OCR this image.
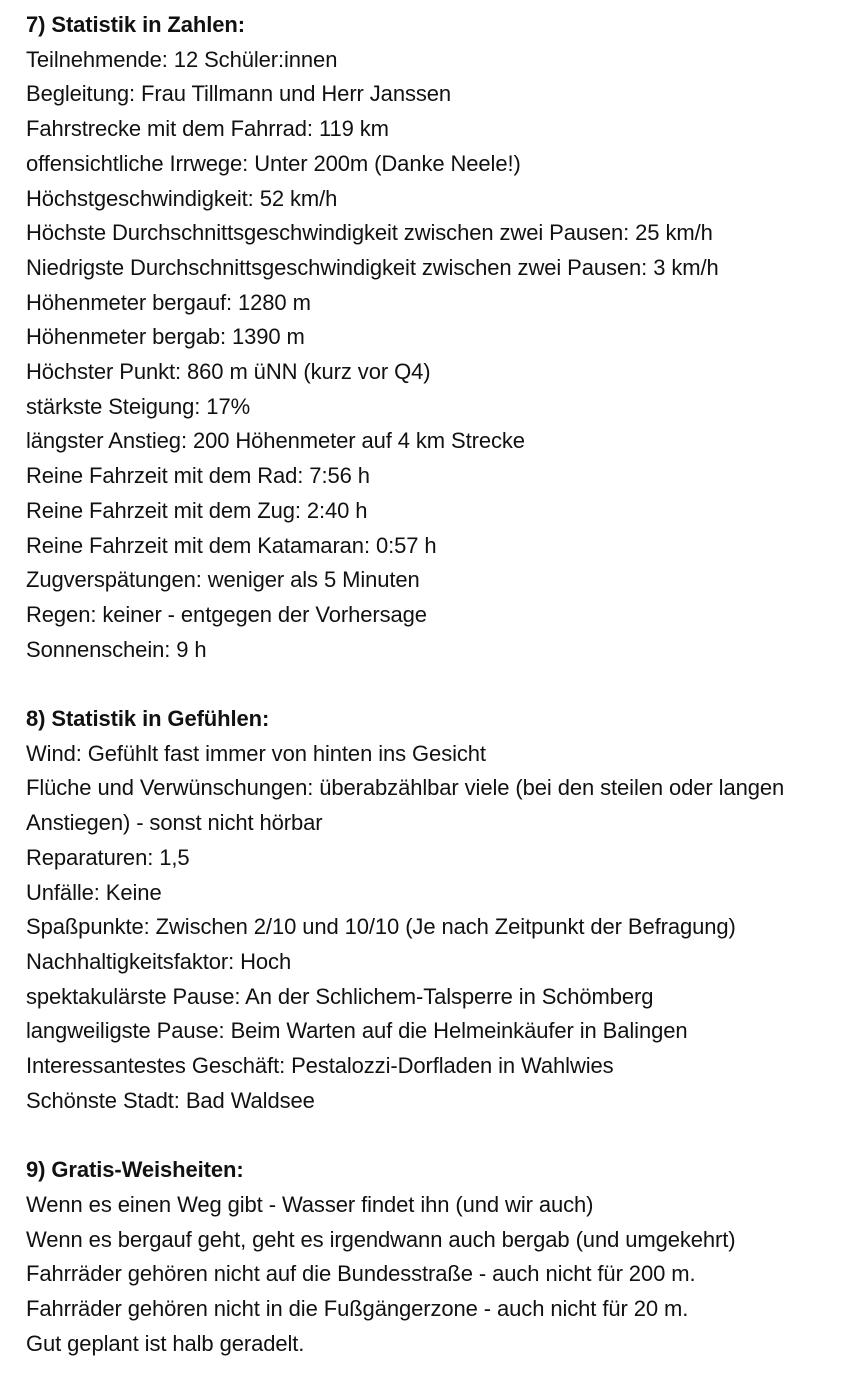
7) Statistik in Zahlen:

Teilnehmende: 12 Schüler:innen

Begleitung: Frau Tillmann und Herr Janssen

Fahrstrecke mit dem Fahrrad: 119 km

offensichtliche Irrwege: Unter 200m (Danke Neele!)

Höchstgeschwindigkeit: 52 km/h

Höchste Durchschnittsgeschwindigkeit zwischen zwei Pausen: 25 km/h

Niedrigste Durchschnittsgeschwindigkeit zwischen zwei Pausen: 3 km/h

Höhenmeter bergauf: 1280 m

Höhenmeter bergab: 1390 m

Höchster Punkt: 860 m üNN (kurz vor Q4)

stärkste Steigung: 17%

längster Anstieg: 200 Höhenmeter auf 4 km Strecke

Reine Fahrzeit mit dem Rad: 7:56 h

Reine Fahrzeit mit dem Zug: 2:40 h

Reine Fahrzeit mit dem Katamaran: 0:57 h

Zugverspätungen: weniger als 5 Minuten

Regen: keiner - entgegen der Vorhersage

Sonnenschein: 9 h

8) Statistik in Gefühlen:

Wind: Gefühlt fast immer von hinten ins Gesicht

Flüche und Verwünschungen: überabzählbar viele (bei den steilen oder langen Anstiegen) - sonst nicht hörbar

Reparaturen: 1,5

Unfälle: Keine

Spaßpunkte: Zwischen 2/10 und 10/10 (Je nach Zeitpunkt der Befragung)

Nachhaltigkeitsfaktor: Hoch

spektakulärste Pause: An der Schlichem-Talsperre in Schömberg

langweiligste Pause: Beim Warten auf die Helmeinkäufer in Balingen

Interessantestes Geschäft: Pestalozzi-Dorfladen in Wahlwies

Schönste Stadt: Bad Waldsee

9) Gratis-Weisheiten:

Wenn es einen Weg gibt - Wasser findet ihn (und wir auch)

Wenn es bergauf geht, geht es irgendwann auch bergab (und umgekehrt)

Fahrräder gehören nicht auf die Bundesstraße - auch nicht für 200 m.

Fahrräder gehören nicht in die Fußgängerzone - auch nicht für 20 m.

Gut geplant ist halb geradelt.
